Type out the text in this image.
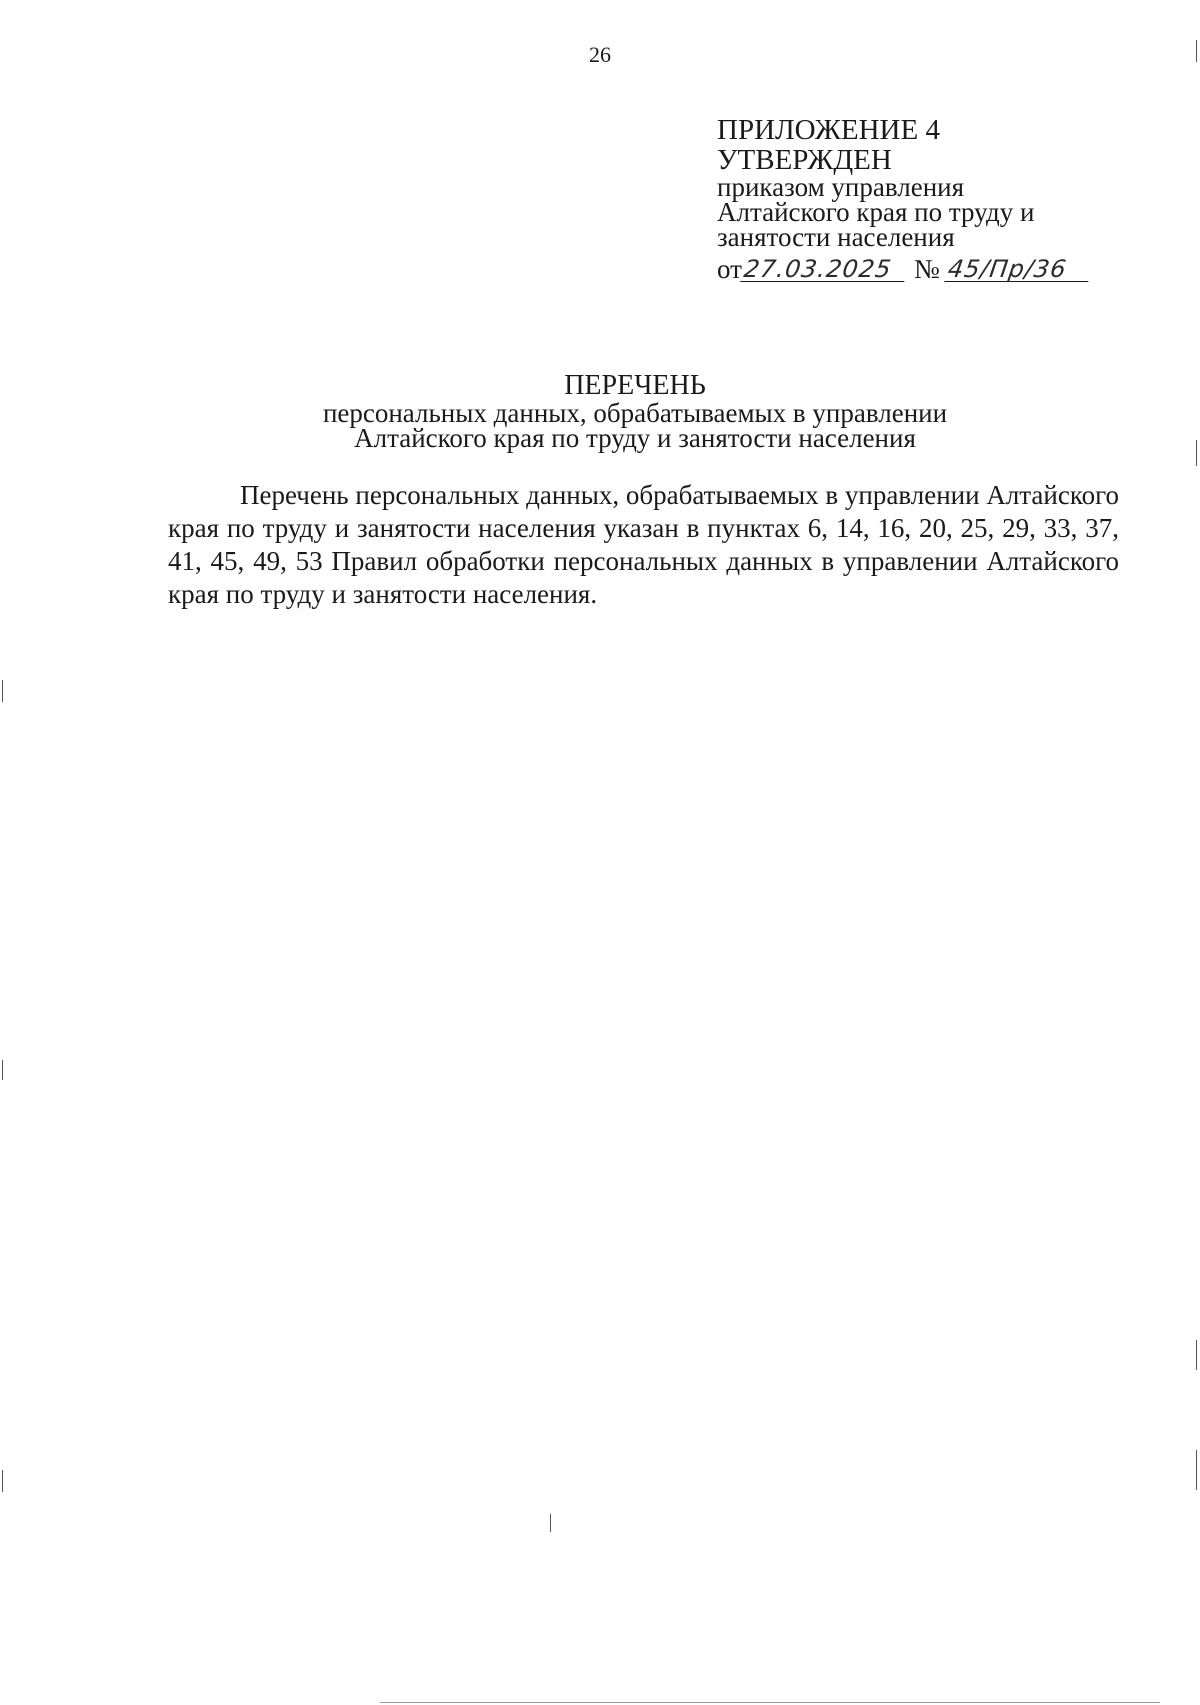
26
ПРИЛОЖЕНИЕ 4
УТВЕРЖДЕН
приказом управления
Алтайского края по труду и
занятости населения
от 27.03.2025 № 45/Пр/36
ПЕРЕЧЕНЬ
персональных данных, обрабатываемых в управлении
Алтайского края по труду и занятости населения
Перечень персональных данных, обрабатываемых в управлении Алтайского края по труду и занятости населения указан в пунктах 6, 14, 16, 20, 25, 29, 33, 37, 41, 45, 49, 53 Правил обработки персональных данных в управлении Алтайского края по труду и занятости населения.
